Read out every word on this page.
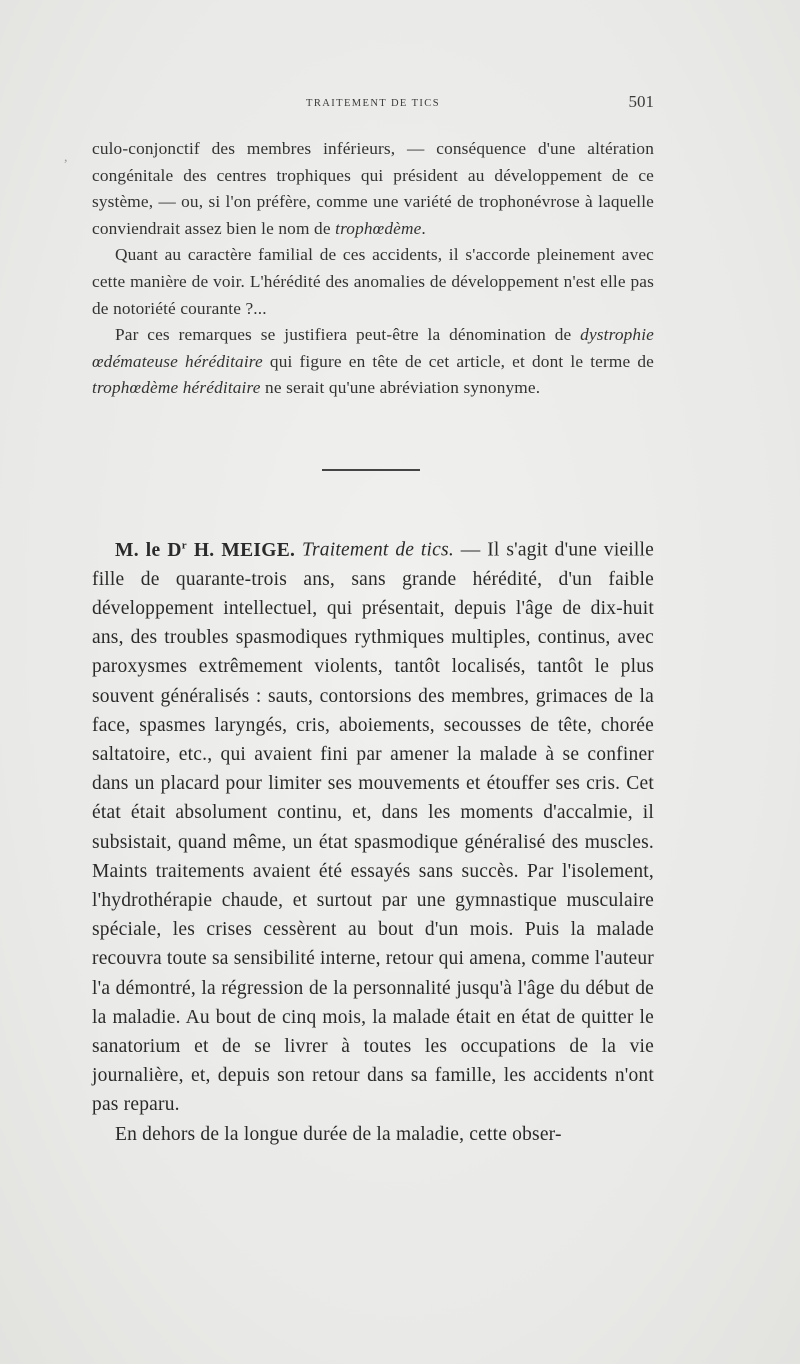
TRAITEMENT DE TICS	501

culo-conjonctif des membres inférieurs, — conséquence d'une altération congénitale des centres trophiques qui président au développement de ce système, — ou, si l'on préfère, comme une variété de trophonévrose à laquelle conviendrait assez bien le nom de trophœdème.

Quant au caractère familial de ces accidents, il s'accorde pleinement avec cette manière de voir. L'hérédité des anomalies de développement n'est elle pas de notoriété courante ?...

Par ces remarques se justifiera peut-être la dénomination de dystrophie œdémateuse héréditaire qui figure en tête de cet article, et dont le terme de trophœdème héréditaire ne serait qu'une abréviation synonyme.

M. le $D^r$ H. MEIGE. Traitement de tics. — Il s'agit d'une vieille fille de quarante-trois ans, sans grande hérédité, d'un faible développement intellectuel, qui présentait, depuis l'âge de dix-huit ans, des troubles spasmodiques rythmiques multiples, continus, avec paroxysmes extrêmement violents, tantôt localisés, tantôt le plus souvent généralisés : sauts, contorsions des membres, grimaces de la face, spasmes laryngés, cris, aboiements, secousses de tête, chorée saltatoire, etc., qui avaient fini par amener la malade à se confiner dans un placard pour limiter ses mouvements et étouffer ses cris. Cet état était absolument continu, et, dans les moments d'accalmie, il subsistait, quand même, un état spasmodique généralisé des muscles. Maints traitements avaient été essayés sans succès. Par l'isolement, l'hydrothérapie chaude, et surtout par une gymnastique musculaire spéciale, les crises cessèrent au bout d'un mois. Puis la malade recouvra toute sa sensibilité interne, retour qui amena, comme l'auteur l'a démontré, la régression de la personnalité jusqu'à l'âge du début de la maladie. Au bout de cinq mois, la malade était en état de quitter le sanatorium et de se livrer à toutes les occupations de la vie journalière, et, depuis son retour dans sa famille, les accidents n'ont pas reparu.

En dehors de la longue durée de la maladie, cette obser-

,
